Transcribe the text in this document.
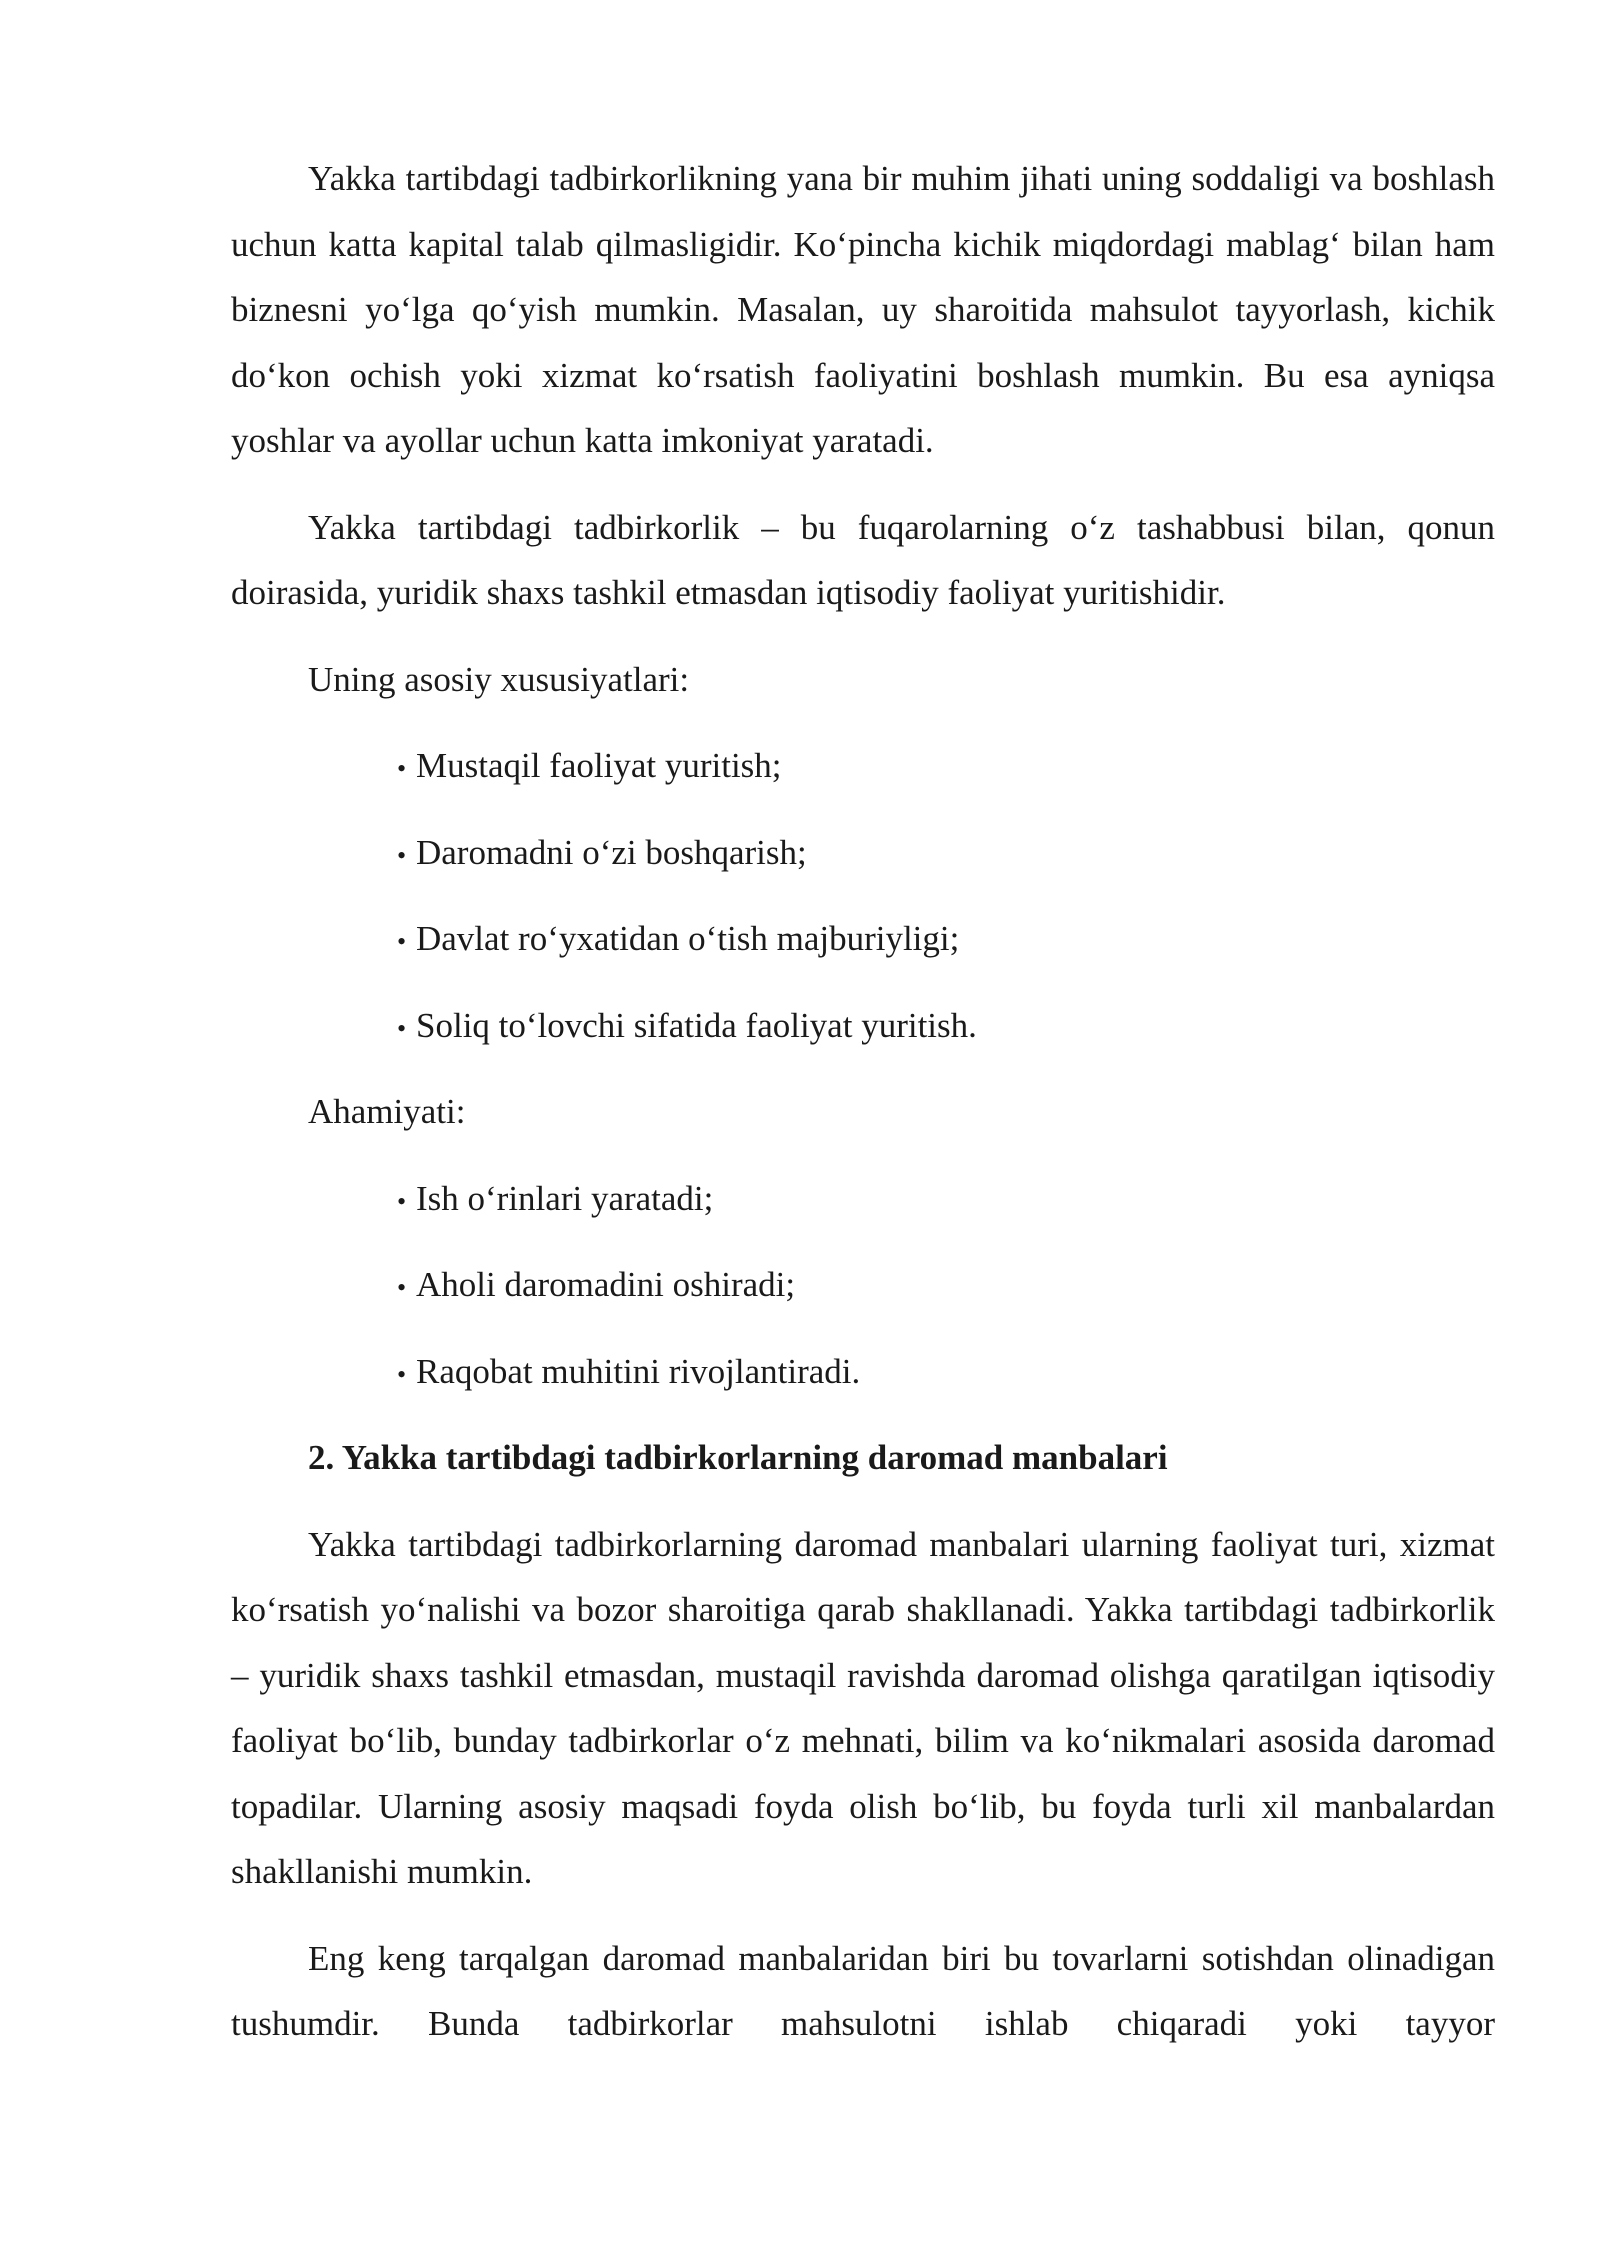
Yakka tartibdagi tadbirkorlikning yana bir muhim jihati uning soddaligi va boshlash uchun katta kapital talab qilmasligidir. Ko‘pincha kichik miqdordagi mablag‘ bilan ham biznesni yo‘lga qo‘yish mumkin. Masalan, uy sharoitida mahsulot tayyorlash, kichik do‘kon ochish yoki xizmat ko‘rsatish faoliyatini boshlash mumkin. Bu esa ayniqsa yoshlar va ayollar uchun katta imkoniyat yaratadi.

Yakka tartibdagi tadbirkorlik – bu fuqarolarning o‘z tashabbusi bilan, qonun doirasida, yuridik shaxs tashkil etmasdan iqtisodiy faoliyat yuritishidir.

Uning asosiy xususiyatlari:

• Mustaqil faoliyat yuritish;
• Daromadni o‘zi boshqarish;
• Davlat ro‘yxatidan o‘tish majburiyligi;
• Soliq to‘lovchi sifatida faoliyat yuritish.

Ahamiyati:

• Ish o‘rinlari yaratadi;
• Aholi daromadini oshiradi;
• Raqobat muhitini rivojlantiradi.

2. Yakka tartibdagi tadbirkorlarning daromad manbalari

Yakka tartibdagi tadbirkorlarning daromad manbalari ularning faoliyat turi, xizmat ko‘rsatish yo‘nalishi va bozor sharoitiga qarab shakllanadi. Yakka tartibdagi tadbirkorlik – yuridik shaxs tashkil etmasdan, mustaqil ravishda daromad olishga qaratilgan iqtisodiy faoliyat bo‘lib, bunday tadbirkorlar o‘z mehnati, bilim va ko‘nikmalari asosida daromad topadilar. Ularning asosiy maqsadi foyda olish bo‘lib, bu foyda turli xil manbalardan shakllanishi mumkin.

Eng keng tarqalgan daromad manbalaridan biri bu tovarlarni sotishdan olinadigan tushumdir. Bunda tadbirkorlar mahsulotni ishlab chiqaradi yoki tayyor
